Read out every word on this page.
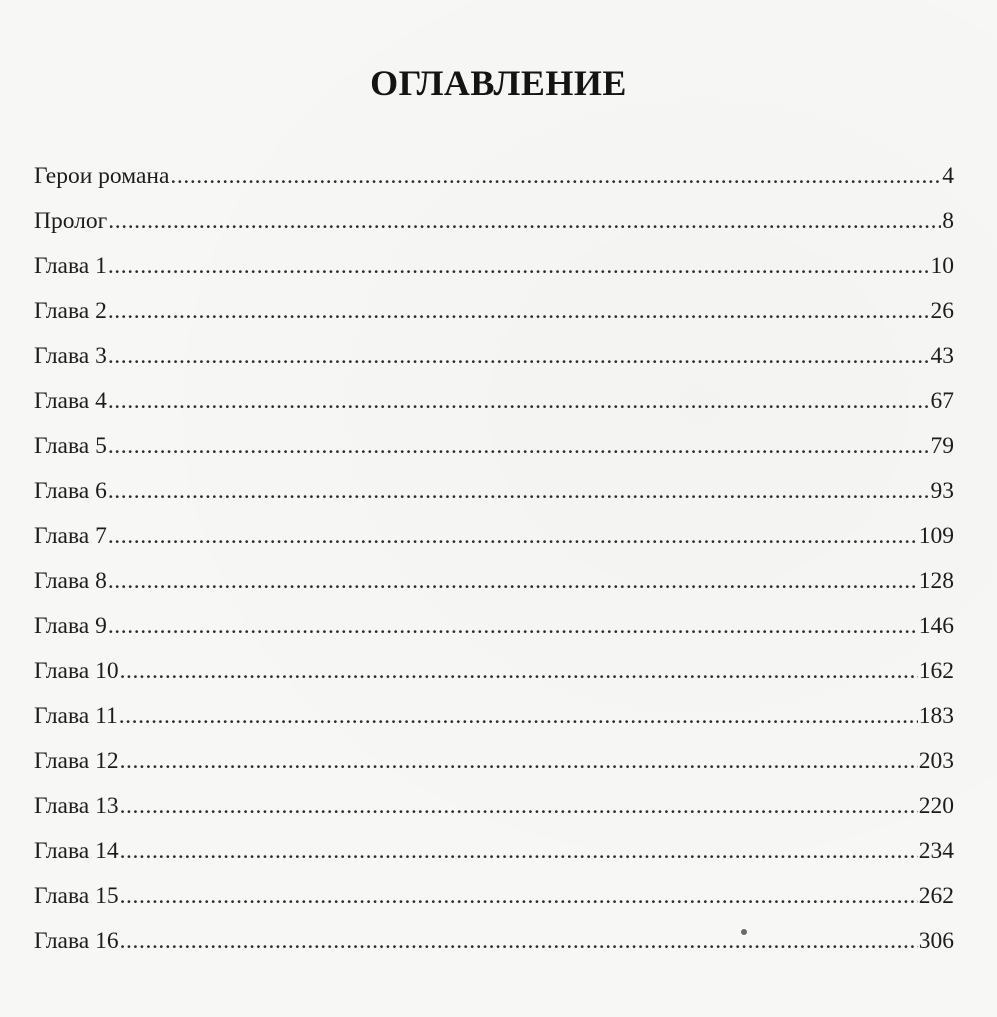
ОГЛАВЛЕНИЕ
Герои романа .....	4
Пролог .....	8
Глава 1 .....	10
Глава 2 .....	26
Глава 3 .....	43
Глава 4 .....	67
Глава 5 .....	79
Глава 6 .....	93
Глава 7 .....	109
Глава 8 .....	128
Глава 9 .....	146
Глава 10 .....	162
Глава 11 .....	183
Глава 12 .....	203
Глава 13 .....	220
Глава 14 .....	234
Глава 15 .....	262
Глава 16 .....	306
